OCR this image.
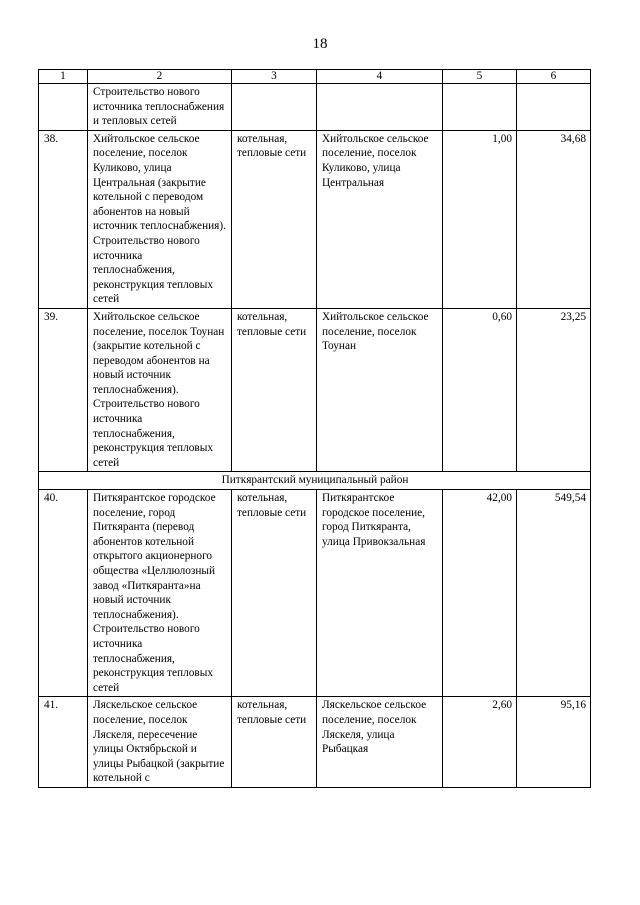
18
1	2	3	4	5	6
	Строительство нового источника теплоснабжения и тепловых сетей				
38.	Хийтольское сельское поселение, поселок Куликово, улица Центральная (закрытие котельной с переводом абонентов на новый источник теплоснабжения). Строительство нового источника теплоснабжения, реконструкция тепловых сетей	котельная, тепловые сети	Хийтольское сельское поселение, поселок Куликово, улица Центральная	1,00	34,68
39.	Хийтольское сельское поселение, поселок Тоунан (закрытие котельной с переводом абонентов на новый источник теплоснабжения). Строительство нового источника теплоснабжения, реконструкция тепловых сетей	котельная, тепловые сети	Хийтольское сельское поселение, поселок Тоунан	0,60	23,25
Питкярантский муниципальный район					
40.	Питкярантское городское поселение, город Питкяранта (перевод абонентов котельной открытого акционерного общества «Целлюлозный завод «Питкяранта»на новый источник теплоснабжения). Строительство нового источника теплоснабжения, реконструкция тепловых сетей	котельная, тепловые сети	Питкярантское городское поселение, город Питкяранта, улица Привокзальная	42,00	549,54
41.	Ляскельское сельское поселение, поселок Ляскеля, пересечение улицы Октябрьской и улицы Рыбацкой (закрытие котельной с	котельная, тепловые сети	Ляскельское сельское поселение, поселок Ляскеля, улица Рыбацкая	2,60	95,16
